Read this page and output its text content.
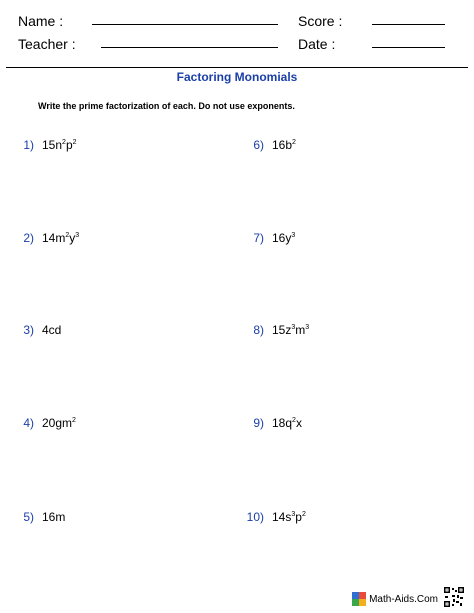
Name :	Score :
Teacher :	Date :
Factoring Monomials
Write the prime factorization of each. Do not use exponents.
1) $15n^2p^2$
2) $14m^2y^3$
3) 4cd
4) $20gm^2$
5) 16m
6) $16b^2$
7) $16y^3$
8) $15z^3m^3$
9) $18q^2x$
10) $14s^3p^2$
Math-Aids.Com
